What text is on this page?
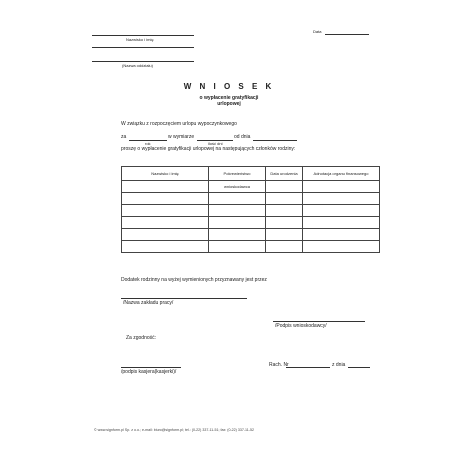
Data
Nazwisko i imię
(Nazwa oddziału)
W N I O S E K
o wypłacenie gratyfikacji
urlopowej
W związku z rozpoczęciem urlopu wypoczynkowego
za	w wymiarze	od dnia
rok	ilość dni
proszę o wypłacenie gratyfikacji urlopowej na następujących członków rodziny:
Nazwisko i imię	Pokrewieństwo	Data urodzenia	Adnotacja organu finansowego
	wnioskodawca		

Dodatek rodzinny na wyżej wymienionych przyznawany jest przez
/Nazwa zakładu pracy/
/Podpis wnioskodawcy/
Za zgodność:
Rach. Nr	z dnia
/podpis kasjera(kasjerki)/
© www.signform.pl Sp. z o.o.; e-mail: biuro@signform.pl; tel.: (0-22) 337-11-51; fax: (0-22) 337-11-52
